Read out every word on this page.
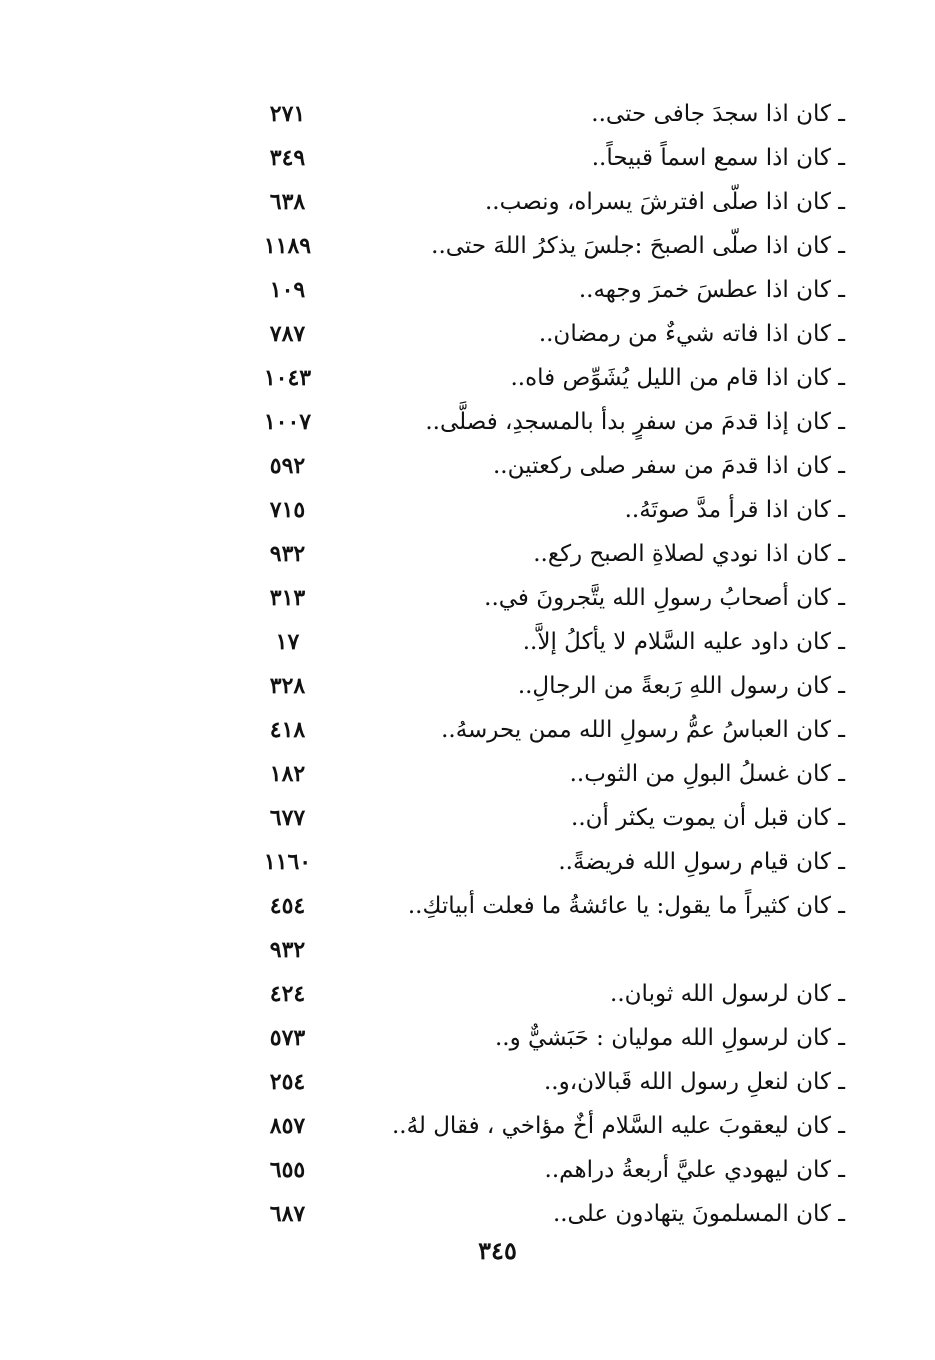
ـ كان اذا سجدَ جافى حتى..
٢٧١
ـ كان اذا سمع اسماً قبيحاً..
٣٤٩
ـ كان اذا صلّى افترشَ يسراه، ونصب..
٦٣٨
ـ كان اذا صلّى الصبحَ :جلسَ يذكرُ اللهَ حتى..
١١٨٩
ـ كان اذا عطسَ خمرَ وجهه..
١٠٩
ـ كان اذا فاته شيءٌ من رمضان..
٧٨٧
ـ كان اذا قام من الليل يُشَوِّص فاه..
١٠٤٣
ـ كان إذا قدمَ من سفرٍ بدأ بالمسجدِ، فصلَّى..
١٠٠٧
ـ كان اذا قدمَ من سفر صلى ركعتين..
٥٩٢
ـ كان اذا قرأ مدَّ صوتَهُ..
٧١٥
ـ كان اذا نودي لصلاةِ الصبح ركع..
٩٣٢
ـ كان أصحابُ رسولِ الله يتَّجرونَ في..
٣١٣
ـ كان داود عليه السَّلام لا يأكلُ إلاَّ..
١٧
ـ كان رسول اللهِ رَبعةً من الرجالِ..
٣٢٨
ـ كان العباسُ عمُّ رسولِ الله ممن يحرسهُ..
٤١٨
ـ كان غسلُ البولِ من الثوب..
١٨٢
ـ كان قبل أن يموت يكثر أن..
٦٧٧
ـ كان قيام رسولِ الله فريضةً..
١١٦٠
ـ كان كثيراً ما يقول: يا عائشةُ ما فعلت أبياتكِ..
٤٥٤
٩٣٢
ـ كان لرسول الله ثوبان..
٤٢٤
ـ كان لرسولِ الله موليان : حَبَشيٌّ و..
٥٧٣
ـ كان لنعلِ رسول الله قَبالان،و..
٢٥٤
ـ كان ليعقوبَ عليه السَّلام أخٌ مؤاخي ، فقال لهُ..
٨٥٧
ـ كان ليهودي عليَّ أربعةُ دراهم..
٦٥٥
ـ كان المسلمونَ يتهادون على..
٦٨٧
٣٤٥
